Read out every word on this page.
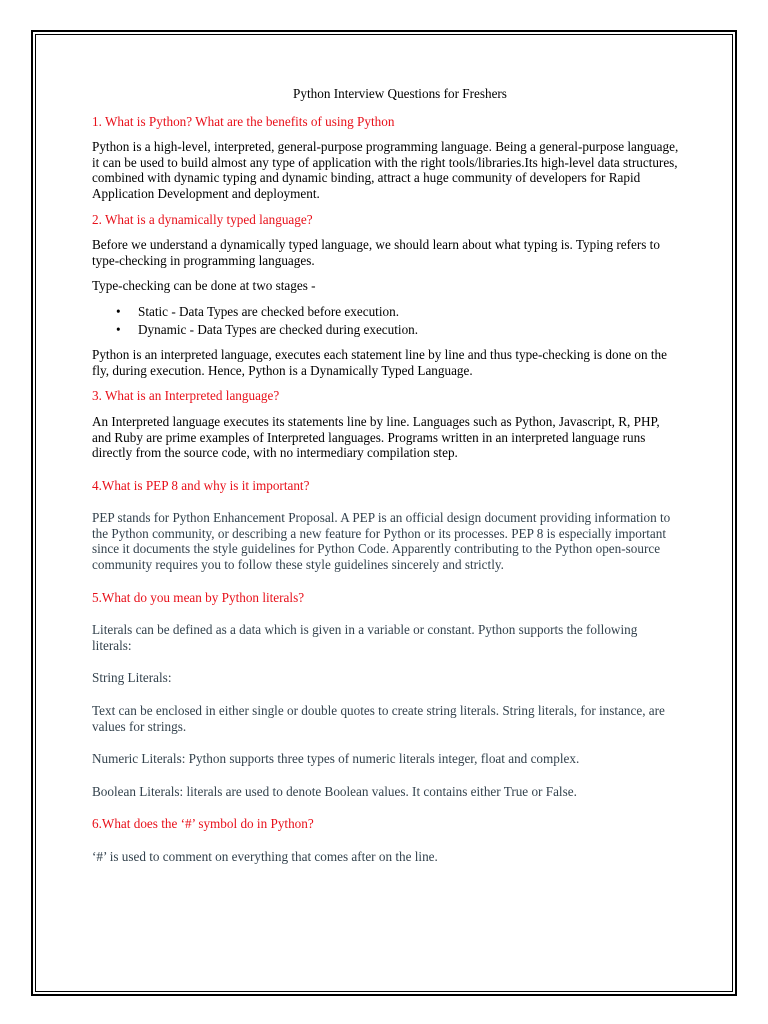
Python Interview Questions for Freshers
1. What is Python? What are the benefits of using Python
Python is a high-level, interpreted, general-purpose programming language. Being a general-purpose language, it can be used to build almost any type of application with the right tools/libraries.Its high-level data structures, combined with dynamic typing and dynamic binding, attract a huge community of developers for Rapid Application Development and deployment.
2. What is a dynamically typed language?
Before we understand a dynamically typed language, we should learn about what typing is. Typing refers to type-checking in programming languages.
Type-checking can be done at two stages -
• Static - Data Types are checked before execution.
• Dynamic - Data Types are checked during execution.
Python is an interpreted language, executes each statement line by line and thus type-checking is done on the fly, during execution. Hence, Python is a Dynamically Typed Language.
3. What is an Interpreted language?
An Interpreted language executes its statements line by line. Languages such as Python, Javascript, R, PHP, and Ruby are prime examples of Interpreted languages. Programs written in an interpreted language runs directly from the source code, with no intermediary compilation step.
4.What is PEP 8 and why is it important?
PEP stands for Python Enhancement Proposal. A PEP is an official design document providing information to the Python community, or describing a new feature for Python or its processes. PEP 8 is especially important since it documents the style guidelines for Python Code. Apparently contributing to the Python open-source community requires you to follow these style guidelines sincerely and strictly.
5.What do you mean by Python literals?
Literals can be defined as a data which is given in a variable or constant. Python supports the following literals:
String Literals:
Text can be enclosed in either single or double quotes to create string literals. String literals, for instance, are values for strings.
Numeric Literals: Python supports three types of numeric literals integer, float and complex.
Boolean Literals: literals are used to denote Boolean values. It contains either True or False.
6.What does the ‘#’ symbol do in Python?
‘#’ is used to comment on everything that comes after on the line.
